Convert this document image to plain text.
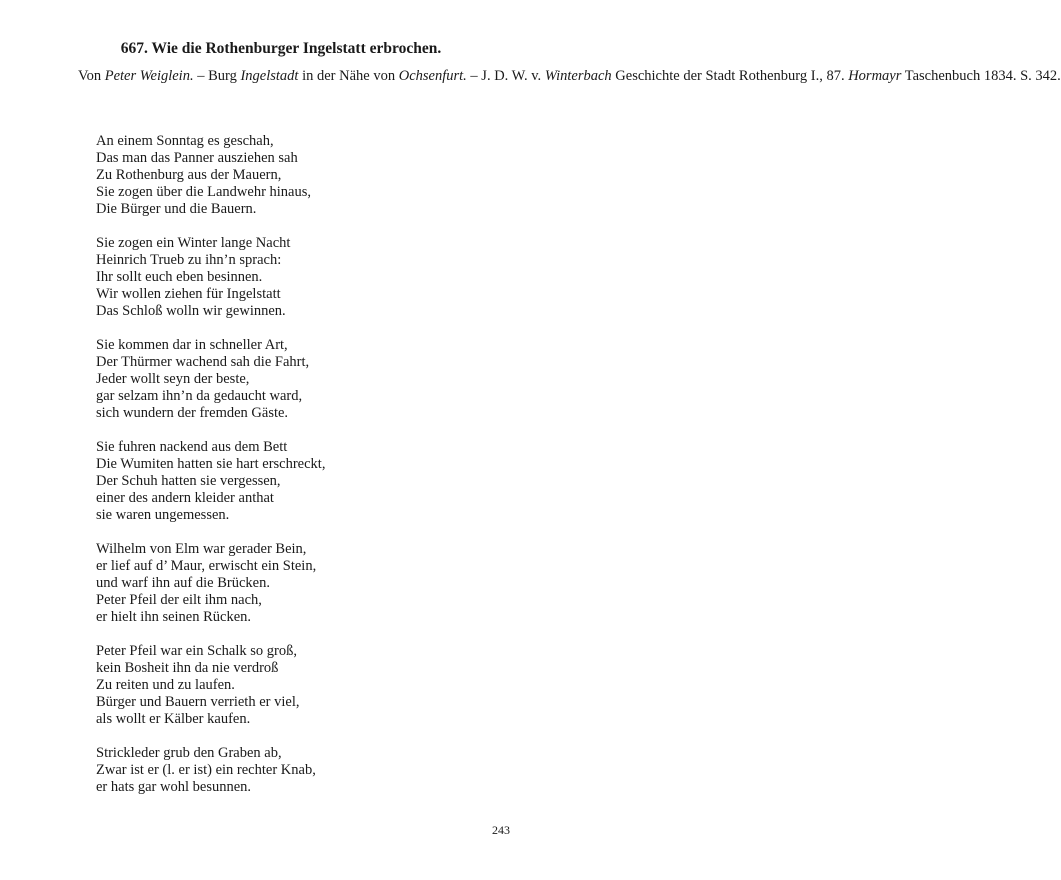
667. Wie die Rothenburger Ingelstatt erbrochen.
Von Peter Weiglein. – Burg Ingelstadt in der Nähe von Ochsenfurt. – J. D. W. v. Winterbach Geschichte der Stadt Rothenburg I., 87. Hormayr Taschenbuch 1834. S. 342.
An einem Sonntag es geschah,
Das man das Panner ausziehen sah
Zu Rothenburg aus der Mauern,
Sie zogen über die Landwehr hinaus,
Die Bürger und die Bauern.
Sie zogen ein Winter lange Nacht
Heinrich Trueb zu ihn’n sprach:
Ihr sollt euch eben besinnen.
Wir wollen ziehen für Ingelstatt
Das Schloß wolln wir gewinnen.
Sie kommen dar in schneller Art,
Der Thürmer wachend sah die Fahrt,
Jeder wollt seyn der beste,
gar selzam ihn’n da gedaucht ward,
sich wundern der fremden Gäste.
Sie fuhren nackend aus dem Bett
Die Wumiten hatten sie hart erschreckt,
Der Schuh hatten sie vergessen,
einer des andern kleider anthat
sie waren ungemessen.
Wilhelm von Elm war gerader Bein,
er lief auf d’ Maur, erwischt ein Stein,
und warf ihn auf die Brücken.
Peter Pfeil der eilt ihm nach,
er hielt ihn seinen Rücken.
Peter Pfeil war ein Schalk so groß,
kein Bosheit ihn da nie verdroß
Zu reiten und zu laufen.
Bürger und Bauern verrieth er viel,
als wollt er Kälber kaufen.
Strickleder grub den Graben ab,
Zwar ist er (l. er ist) ein rechter Knab,
er hats gar wohl besunnen.
243
